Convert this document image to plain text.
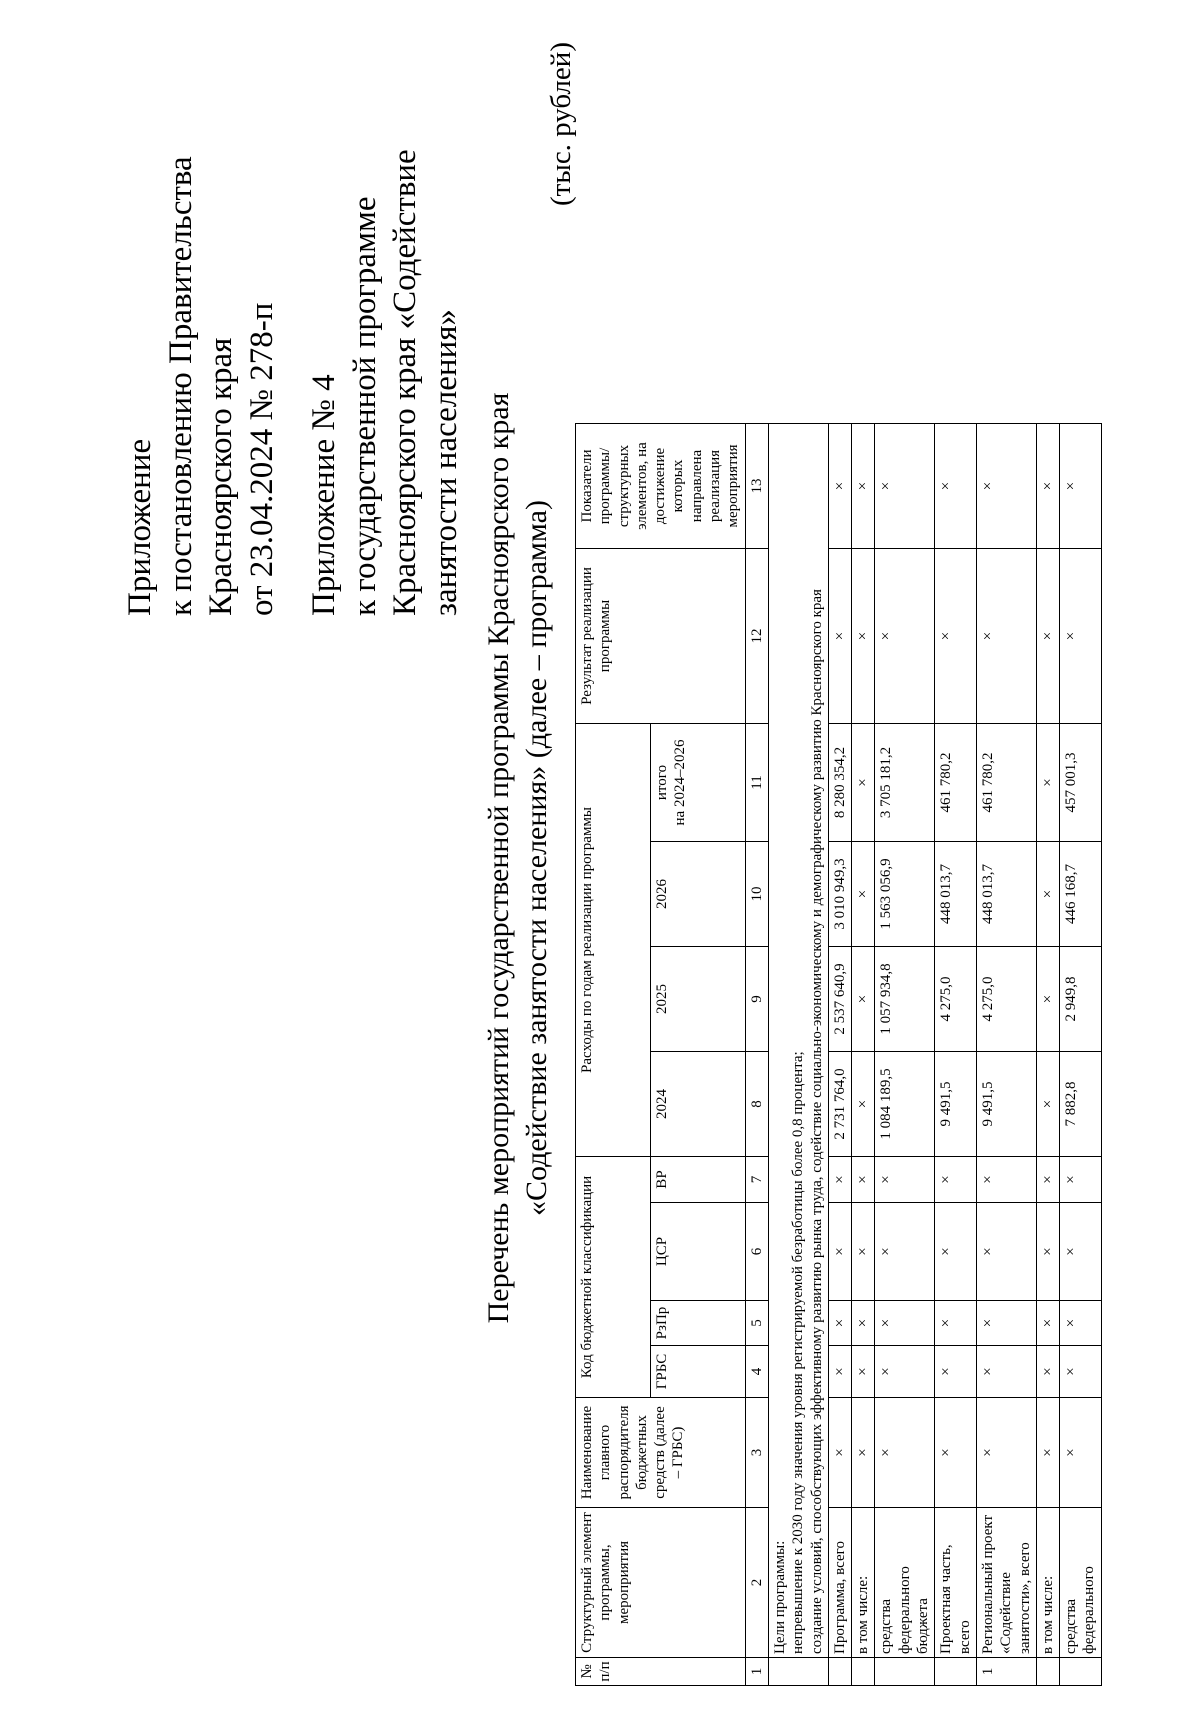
Приложение к постановлению Правительства Красноярского края от 23.04.2024 № 278-п Приложение № 4 к государственной программе Красноярского края «Содействие занятости населения» Перечень мероприятий государственной программы Красноярского края «Содействие занятости населения» (далее – программа)
(тыс. рублей)
№ п/п	Структурный элемент программы, мероприятия	Наименование главного распорядителя бюджетных средств (далее – ГРБС)	Код бюджетной классификации				Расходы по годам реализации программы				Результат реализации программы	Показатели программы/ структурных элементов, на достижение которых направлена реализация мероприятия
			ГРБС	РзПр	ЦСР	ВР	2024	2025	2026	итого на 2024–2026		

1	2	3	4	5	6	7	8	9	10	11	12	13

	Цели программы: непревышение к 2030 году значения уровня регистрируемой безработицы более 0,8 процента; создание условий, способствующих эффективному развитию рынка труда, содействие социально-экономическому и демографическому развитию Красноярского края											

	Программа, всего	×	×	×	×	×	2 731 764,0	2 537 640,9	3 010 949,3	8 280 354,2	×	×
	в том числе:	×	×	×	×	×	×	×	×	×	×	×
	средства федерального бюджета	×	×	×	×	×	1 084 189,5	1 057 934,8	1 563 056,9	3 705 181,2	×	×
	Проектная часть, всего	×	×	×	×	×	9 491,5	4 275,0	448 013,7	461 780,2	×	×
1	Региональный проект «Содействие занятости», всего	×	×	×	×	×	9 491,5	4 275,0	448 013,7	461 780,2	×	×
	в том числе:	×	×	×	×	×	×	×	×	×	×	×
	средства федерального	×	×	×	×	×	7 882,8	2 949,8	446 168,7	457 001,3	×	×
